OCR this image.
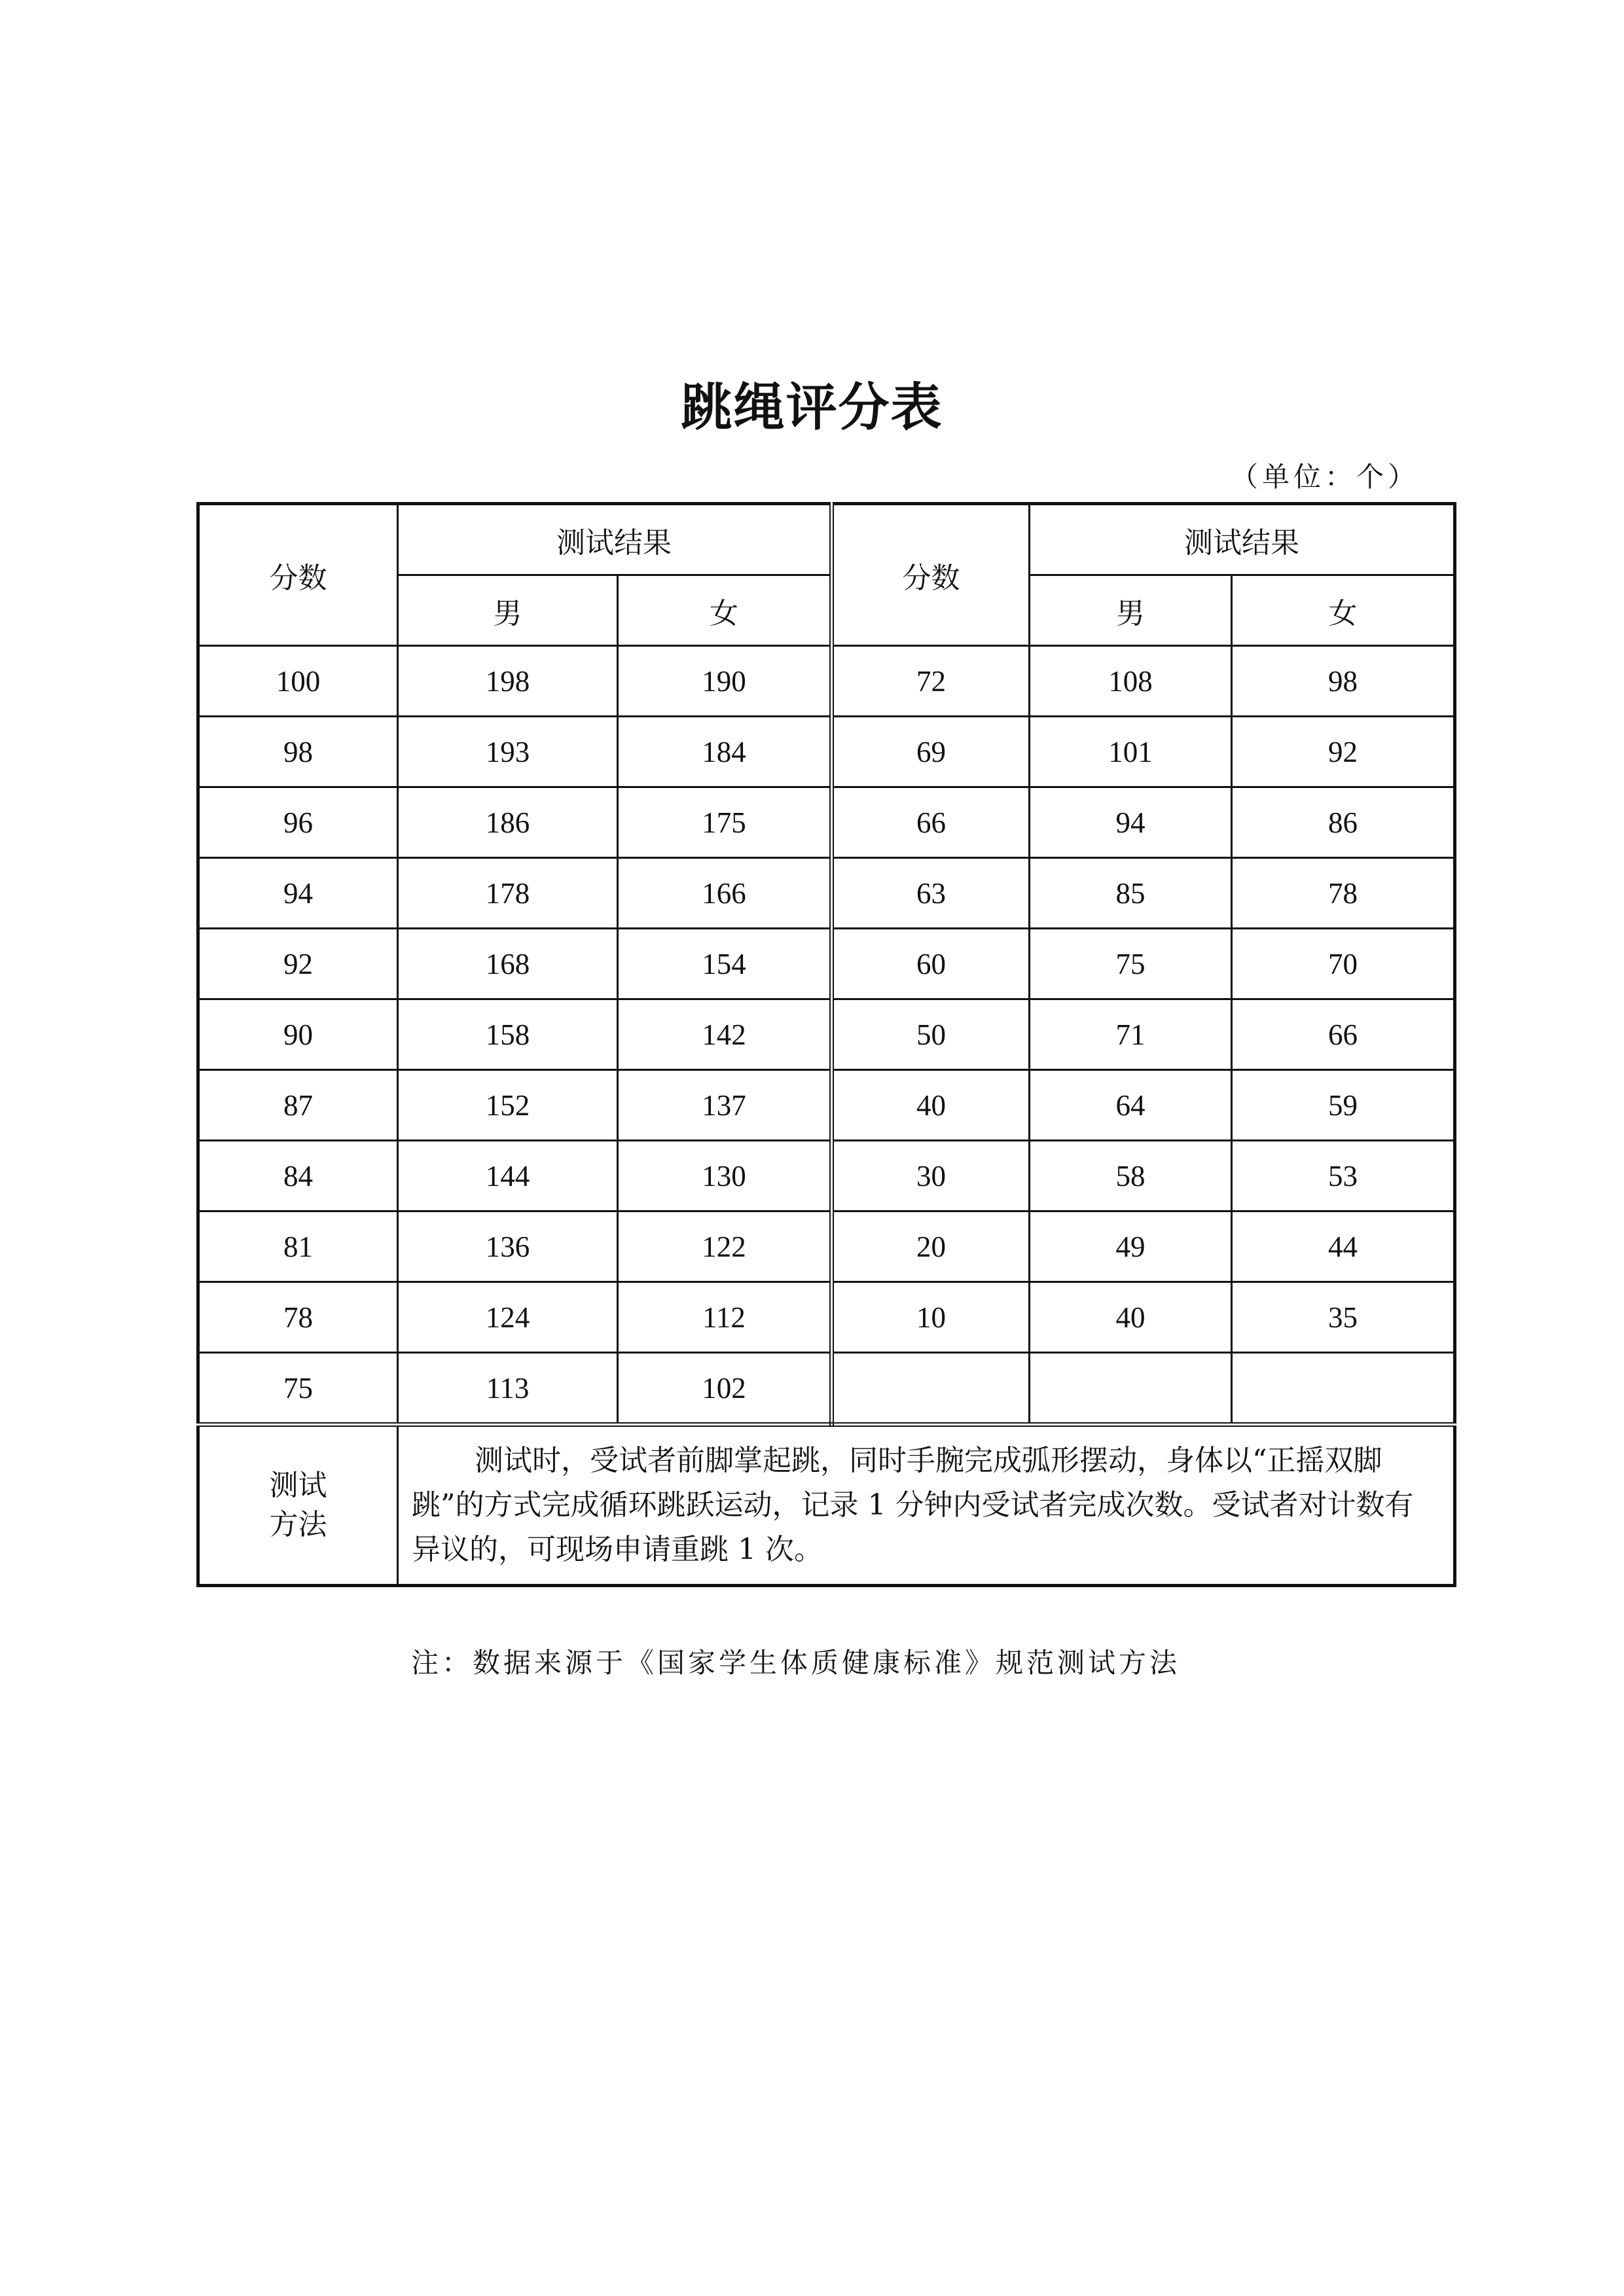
跳绳评分表
（单位：个）
分数	测试结果		分数	测试结果	
	男	女		男	女
100	198	190	72	108	98
98	193	184	69	101	92
96	186	175	66	94	86
94	178	166	63	85	78
92	168	154	60	75	70
90	158	142	50	71	66
87	152	137	40	64	59
84	144	130	30	58	53
81	136	122	20	49	44
78	124	112	10	40	35
75	113	102			
测试
方法	测试时，受试者前脚掌起跳，同时手腕完成弧形摆动，身体以“正摇双脚跳”的方式完成循环跳跃运动，记录 1 分钟内受试者完成次数。受试者对计数有异议的，可现场申请重跳 1 次。				
注：数据来源于《国家学生体质健康标准》规范测试方法
